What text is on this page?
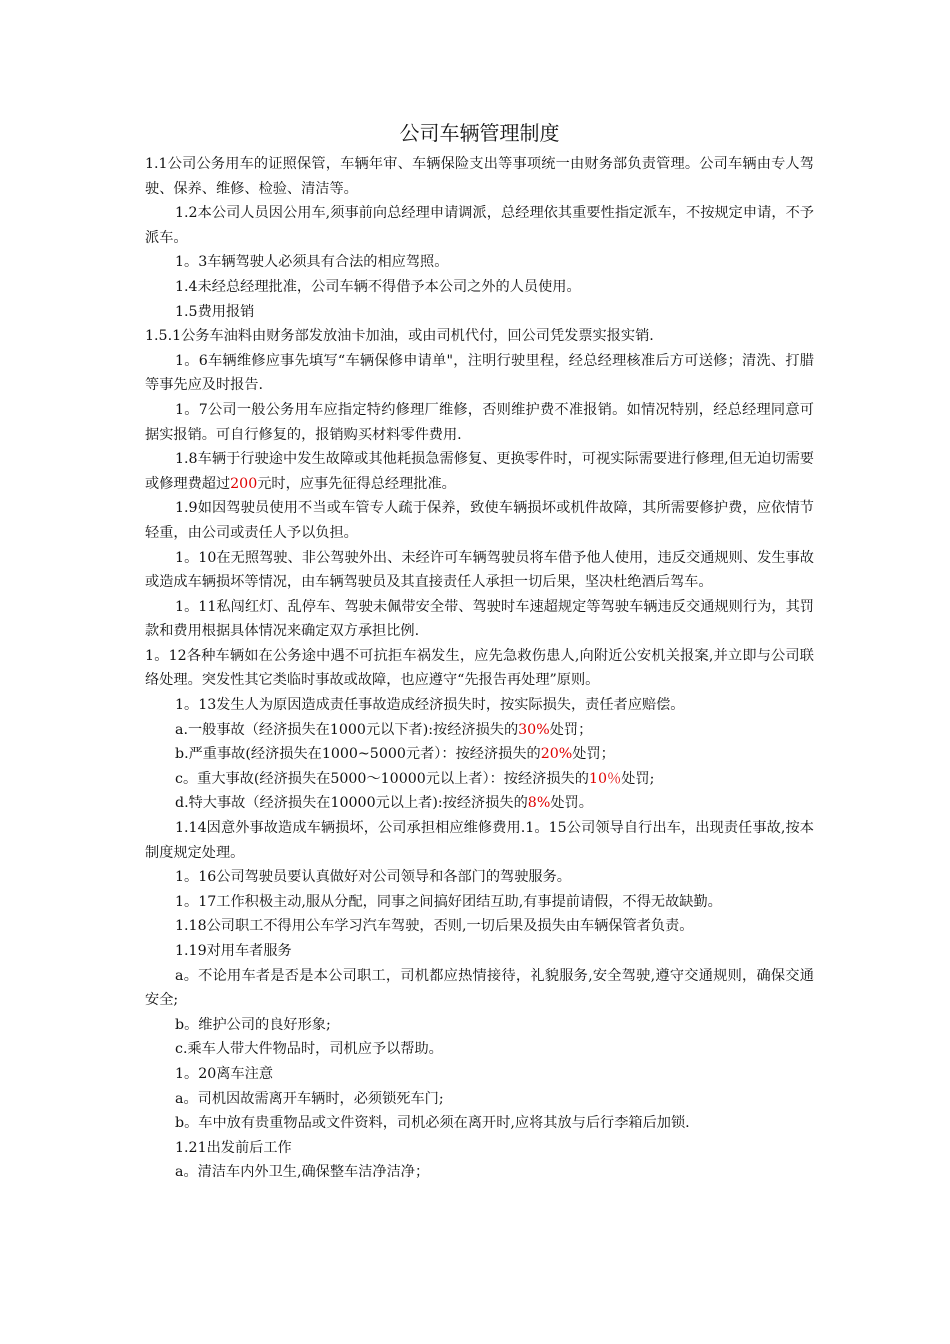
公司车辆管理制度

1.1公司公务用车的证照保管，车辆年审、车辆保险支出等事项统一由财务部负责管理。公司车辆由专人驾驶、保养、维修、检验、清洁等。

1.2本公司人员因公用车,须事前向总经理申请调派，总经理依其重要性指定派车，不按规定申请，不予派车。

1。3车辆驾驶人必须具有合法的相应驾照。

1.4未经总经理批准，公司车辆不得借予本公司之外的人员使用。

1.5费用报销

1.5.1公务车油料由财务部发放油卡加油，或由司机代付，回公司凭发票实报实销.

1。6车辆维修应事先填写“车辆保修申请单"，注明行驶里程，经总经理核准后方可送修；清洗、打腊等事先应及时报告.

1。7公司一般公务用车应指定特约修理厂维修，否则维护费不准报销。如情况特别，经总经理同意可据实报销。可自行修复的，报销购买材料零件费用.

1.8车辆于行驶途中发生故障或其他耗损急需修复、更换零件时，可视实际需要进行修理,但无迫切需要或修理费超过200元时，应事先征得总经理批准。

1.9如因驾驶员使用不当或车管专人疏于保养，致使车辆损坏或机件故障，其所需要修护费，应依情节轻重，由公司或责任人予以负担。

1。10在无照驾驶、非公驾驶外出、未经许可车辆驾驶员将车借予他人使用，违反交通规则、发生事故或造成车辆损坏等情况，由车辆驾驶员及其直接责任人承担一切后果，坚决杜绝酒后驾车。

1。11私闯红灯、乱停车、驾驶未佩带安全带、驾驶时车速超规定等驾驶车辆违反交通规则行为，其罚款和费用根据具体情况来确定双方承担比例.

1。12各种车辆如在公务途中遇不可抗拒车祸发生，应先急救伤患人,向附近公安机关报案,并立即与公司联络处理。突发性其它类临时事故或故障，也应遵守“先报告再处理”原则。

1。13发生人为原因造成责任事故造成经济损失时，按实际损失，责任者应赔偿。

a.一般事故（经济损失在1000元以下者):按经济损失的30%处罚；

b.严重事故(经济损失在1000~5000元者）：按经济损失的20%处罚；

c。重大事故(经济损失在5000～10000元以上者）：按经济损失的10％处罚;

d.特大事故（经济损失在10000元以上者):按经济损失的8%处罚。

1.14因意外事故造成车辆损坏，公司承担相应维修费用.1。15公司领导自行出车，出现责任事故,按本制度规定处理。

1。16公司驾驶员要认真做好对公司领导和各部门的驾驶服务。

1。17工作积极主动,服从分配，同事之间搞好团结互助,有事提前请假，不得无故缺勤。

1.18公司职工不得用公车学习汽车驾驶，否则,一切后果及损失由车辆保管者负责。

1.19对用车者服务

a。不论用车者是否是本公司职工，司机都应热情接待，礼貌服务,安全驾驶,遵守交通规则，确保交通安全;

b。维护公司的良好形象;

c.乘车人带大件物品时，司机应予以帮助。

1。20离车注意

a。司机因故需离开车辆时，必须锁死车门;

b。车中放有贵重物品或文件资料，司机必须在离开时,应将其放与后行李箱后加锁.

1.21出发前后工作

a。清洁车内外卫生,确保整车洁净洁净；
